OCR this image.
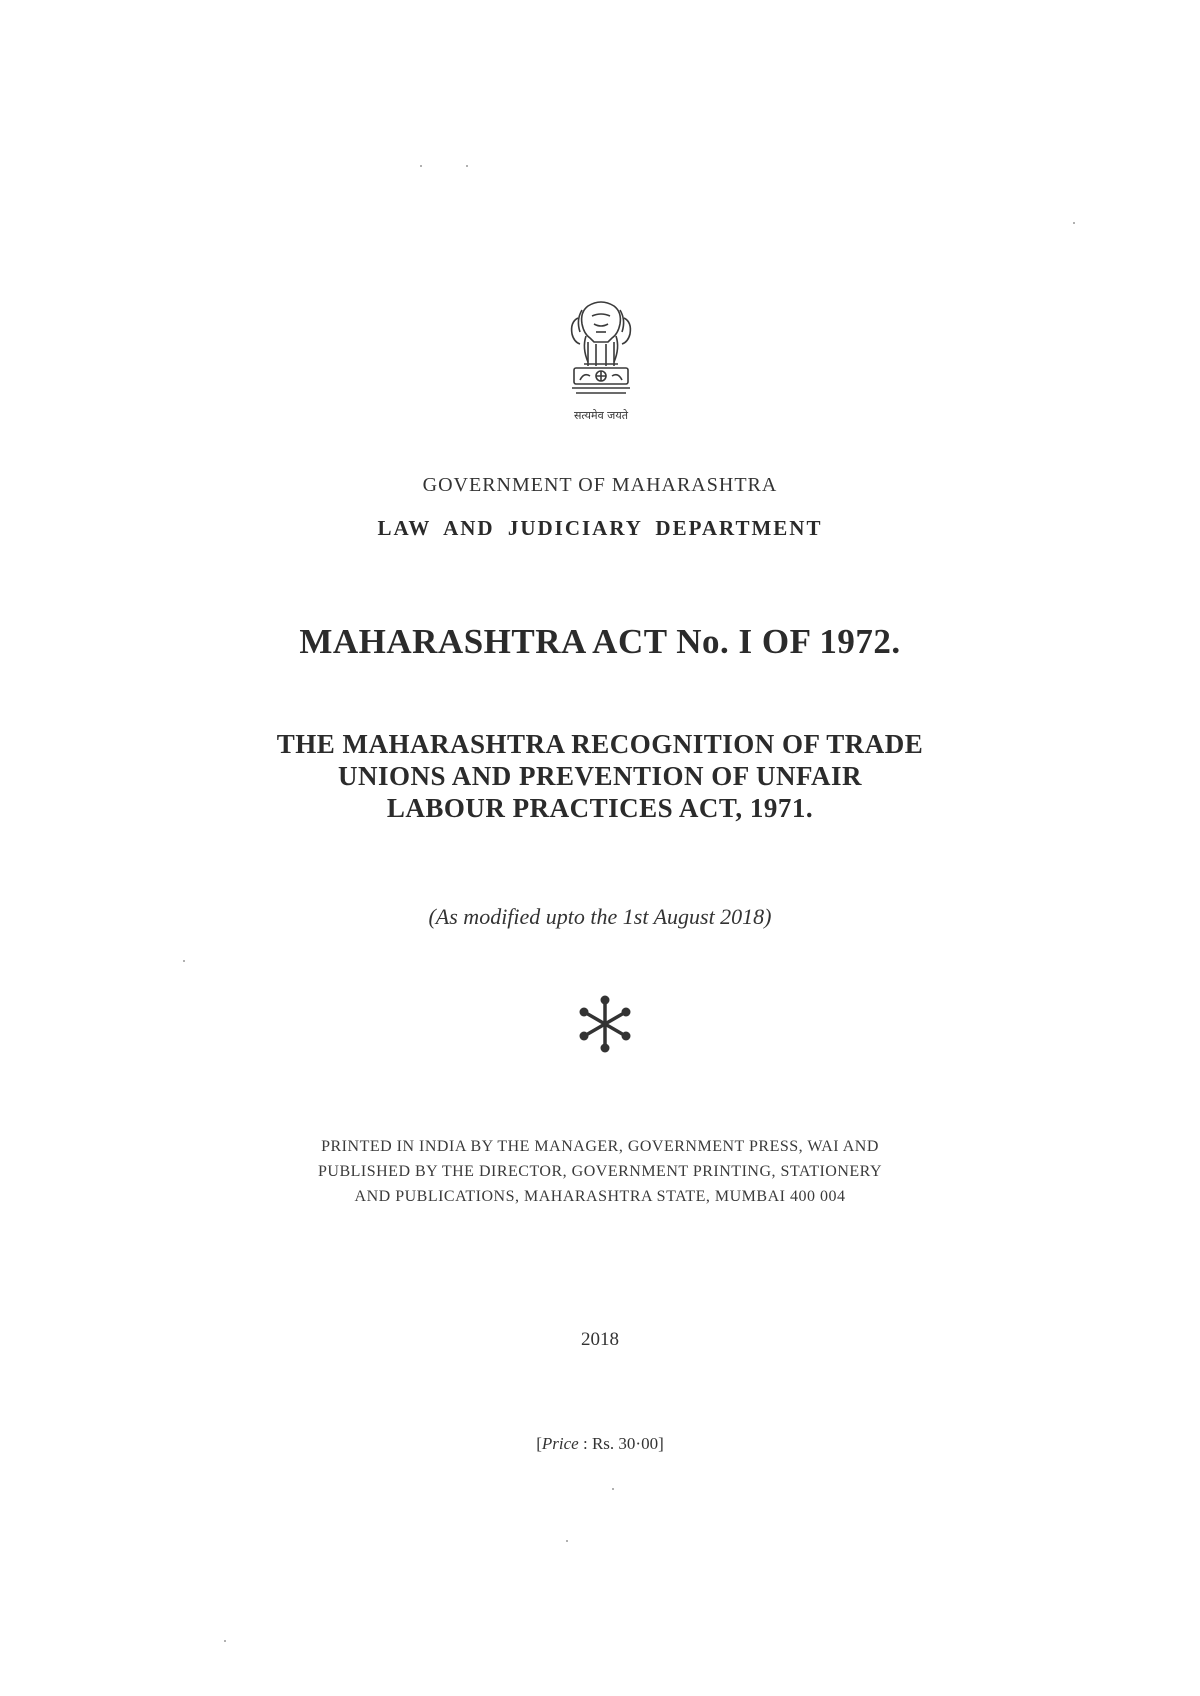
सत्यमेव जयते
GOVERNMENT OF MAHARASHTRA
LAW AND JUDICIARY DEPARTMENT
MAHARASHTRA ACT No. I OF 1972.
THE MAHARASHTRA RECOGNITION OF TRADE
UNIONS AND PREVENTION OF UNFAIR
LABOUR PRACTICES ACT, 1971.
(As modified upto the 1st August 2018)
PRINTED IN INDIA BY THE MANAGER, GOVERNMENT PRESS, WAI AND
PUBLISHED BY THE DIRECTOR, GOVERNMENT PRINTING, STATIONERY
AND PUBLICATIONS, MAHARASHTRA STATE, MUMBAI 400 004
2018
[Price : Rs. 30·00]
